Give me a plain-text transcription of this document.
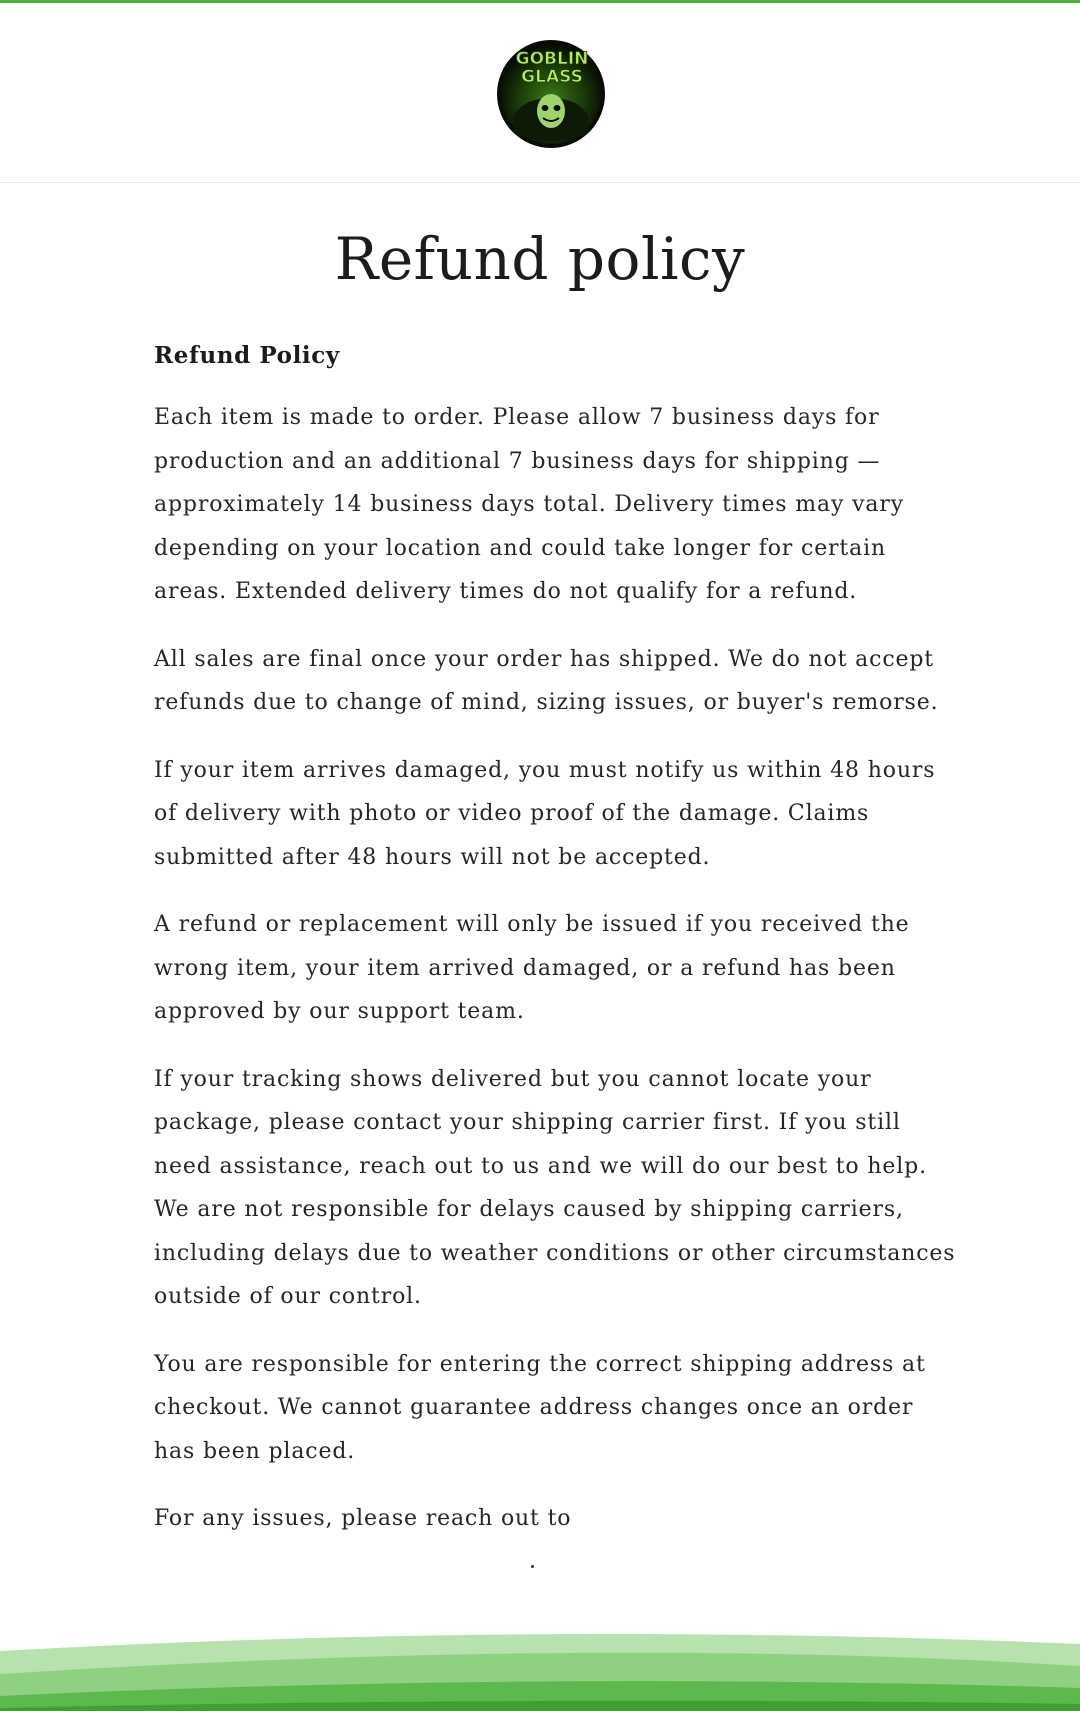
GOBLIN
GLASS
Refund policy
Refund Policy

Each item is made to order. Please allow 7 business days for production and an additional 7 business days for shipping — approximately 14 business days total. Delivery times may vary depending on your location and could take longer for certain areas. Extended delivery times do not qualify for a refund.

All sales are final once your order has shipped. We do not accept refunds due to change of mind, sizing issues, or buyer's remorse.

If your item arrives damaged, you must notify us within 48 hours of delivery with photo or video proof of the damage. Claims submitted after 48 hours will not be accepted.

A refund or replacement will only be issued if you received the wrong item, your item arrived damaged, or a refund has been approved by our support team.

If your tracking shows delivered but you cannot locate your package, please contact your shipping carrier first. If you still need assistance, reach out to us and we will do our best to help. We are not responsible for delays caused by shipping carriers, including delays due to weather conditions or other circumstances outside of our control.

You are responsible for entering the correct shipping address at checkout. We cannot guarantee address changes once an order has been placed.

For any issues, please reach out to
